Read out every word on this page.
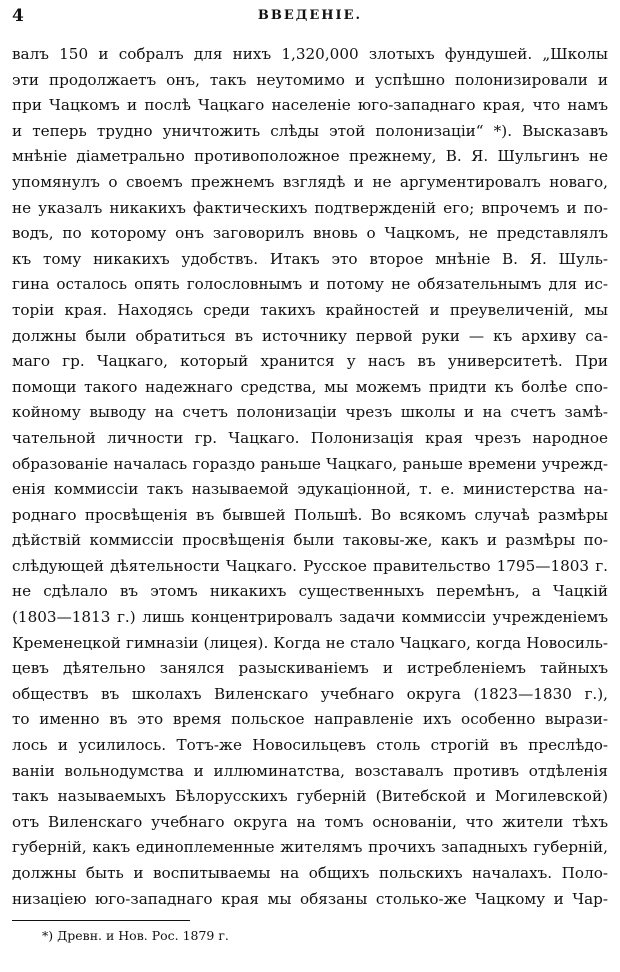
4	ВВЕДЕНІЕ.
валъ 150 и собралъ для нихъ 1,320,000 злотыхъ фундушей. „Школы
эти продолжаетъ онъ, такъ неутомимо и успѣшно полонизировали и
при Чацкомъ и послѣ Чацкаго населеніе юго-западнаго края, что намъ
и теперь трудно уничтожить слѣды этой полонизаціи“ *). Высказавъ
мнѣніе діаметрально противоположное прежнему, В. Я. Шульгинъ не
упомянулъ о своемъ прежнемъ взглядѣ и не аргументировалъ новаго,
не указалъ никакихъ фактическихъ подтвержденій его; впрочемъ и по-
водъ, по которому онъ заговорилъ вновь о Чацкомъ, не представлялъ
къ тому никакихъ удобствъ. Итакъ это второе мнѣніе В. Я. Шуль-
гина осталось опять голословнымъ и потому не обязательнымъ для ис-
торіи края. Находясь среди такихъ крайностей и преувеличеній, мы
должны были обратиться въ источнику первой руки — къ архиву са-
маго гр. Чацкаго, который хранится у насъ въ университетѣ. При
помощи такого надежнаго средства, мы можемъ придти къ болѣе спо-
койному выводу на счетъ полонизаціи чрезъ школы и на счетъ замѣ-
чательной личности гр. Чацкаго. Полонизація края чрезъ народное
образованіе началась гораздо раньше Чацкаго, раньше времени учрежд-
енія коммиссіи такъ называемой эдукаціонной, т. е. министерства на-
роднаго просвѣщенія въ бывшей Польшѣ. Во всякомъ случаѣ размѣры
дѣйствій коммиссіи просвѣщенія были таковы-же, какъ и размѣры по-
слѣдующей дѣятельности Чацкаго. Русское правительство 1795—1803 г.
не сдѣлало въ этомъ никакихъ существенныхъ перемѣнъ, а Чацкій
(1803—1813 г.) лишь концентрировалъ задачи коммиссіи учрежденіемъ
Кременецкой гимназіи (лицея). Когда не стало Чацкаго, когда Новосиль-
цевъ дѣятельно занялся разыскиваніемъ и истребленіемъ тайныхъ
обществъ въ школахъ Виленскаго учебнаго округа (1823—1830 г.),
то именно въ это время польское направленіе ихъ особенно вырази-
лось и усилилось. Тотъ-же Новосильцевъ столь строгій въ преслѣдо-
ваніи вольнодумства и иллюминатства, возставалъ противъ отдѣленія
такъ называемыхъ Бѣлорусскихъ губерній (Витебской и Могилевской)
отъ Виленскаго учебнаго округа на томъ основаніи, что жители тѣхъ
губерній, какъ единоплеменные жителямъ прочихъ западныхъ губерній,
должны быть и воспитываемы на общихъ польскихъ началахъ. Поло-
низаціею юго-западнаго края мы обязаны столько-же Чацкому и Чар-
*) Древн. и Нов. Рос. 1879 г.
